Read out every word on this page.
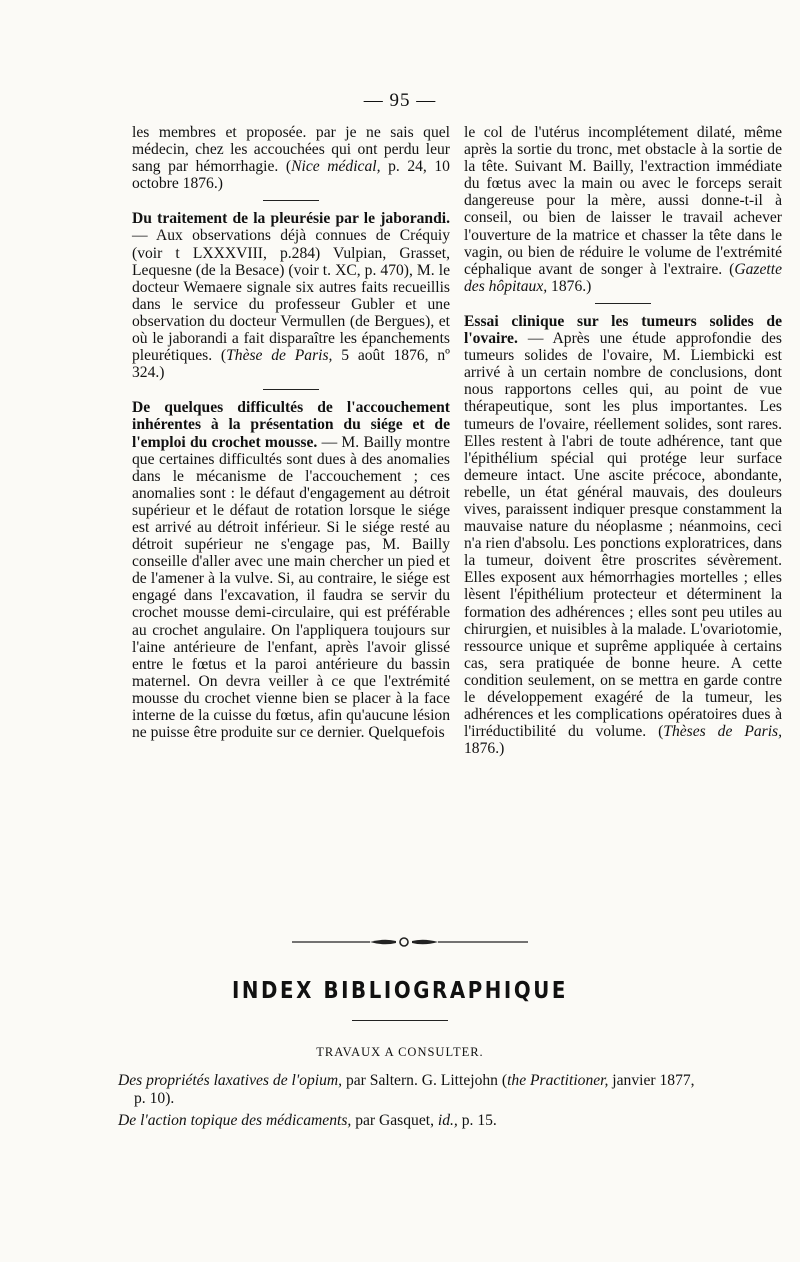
— 95 —

les membres et proposée. par je ne sais quel médecin, chez les accouchées qui ont perdu leur sang par hémorrhagie. (Nice médical, p. 24, 10 octobre 1876.)

Du traitement de la pleurésie par le jaborandi. — Aux observations déjà connues de Créquiy (voir t LXXXVIII, p.284) Vulpian, Grasset, Lequesne (de la Besace) (voir t. XC, p. 470), M. le docteur Wemaere signale six autres faits recueillis dans le service du professeur Gubler et une observation du docteur Vermullen (de Bergues), et où le jaborandi a fait disparaître les épanchements pleurétiques. (Thèse de Paris, 5 août 1876, nº 324.)

De quelques difficultés de l'accouchement inhérentes à la présentation du siége et de l'emploi du crochet mousse. — M. Bailly montre que certaines difficultés sont dues à des anomalies dans le mécanisme de l'accouchement ; ces anomalies sont : le défaut d'engagement au détroit supérieur et le défaut de rotation lorsque le siége est arrivé au détroit inférieur. Si le siége resté au détroit supérieur ne s'engage pas, M. Bailly conseille d'aller avec une main chercher un pied et de l'amener à la vulve. Si, au contraire, le siége est engagé dans l'excavation, il faudra se servir du crochet mousse demi-circulaire, qui est préférable au crochet angulaire. On l'appliquera toujours sur l'aine antérieure de l'enfant, après l'avoir glissé entre le fœtus et la paroi antérieure du bassin maternel. On devra veiller à ce que l'extrémité mousse du crochet vienne bien se placer à la face interne de la cuisse du fœtus, afin qu'aucune lésion ne puisse être produite sur ce dernier. Quelquefois

le col de l'utérus incomplétement dilaté, même après la sortie du tronc, met obstacle à la sortie de la tête. Suivant M. Bailly, l'extraction immédiate du fœtus avec la main ou avec le forceps serait dangereuse pour la mère, aussi donne-t-il à conseil, ou bien de laisser le travail achever l'ouverture de la matrice et chasser la tête dans le vagin, ou bien de réduire le volume de l'extrémité céphalique avant de songer à l'extraire. (Gazette des hôpitaux, 1876.)

Essai clinique sur les tumeurs solides de l'ovaire. — Après une étude approfondie des tumeurs solides de l'ovaire, M. Liembicki est arrivé à un certain nombre de conclusions, dont nous rapportons celles qui, au point de vue thérapeutique, sont les plus importantes. Les tumeurs de l'ovaire, réellement solides, sont rares. Elles restent à l'abri de toute adhérence, tant que l'épithélium spécial qui protége leur surface demeure intact. Une ascite précoce, abondante, rebelle, un état général mauvais, des douleurs vives, paraissent indiquer presque constamment la mauvaise nature du néoplasme ; néanmoins, ceci n'a rien d'absolu. Les ponctions exploratrices, dans la tumeur, doivent être proscrites sévèrement. Elles exposent aux hémorrhagies mortelles ; elles lèsent l'épithélium protecteur et déterminent la formation des adhérences ; elles sont peu utiles au chirurgien, et nuisibles à la malade. L'ovariotomie, ressource unique et suprême appliquée à certains cas, sera pratiquée de bonne heure. A cette condition seulement, on se mettra en garde contre le développement exagéré de la tumeur, les adhérences et les complications opératoires dues à l'irréductibilité du volume. (Thèses de Paris, 1876.)

INDEX BIBLIOGRAPHIQUE
TRAVAUX A CONSULTER.
Des propriétés laxatives de l'opium, par Saltern. G. Littejohn (the Practitioner, janvier 1877, p. 10).
De l'action topique des médicaments, par Gasquet, id., p. 15.
